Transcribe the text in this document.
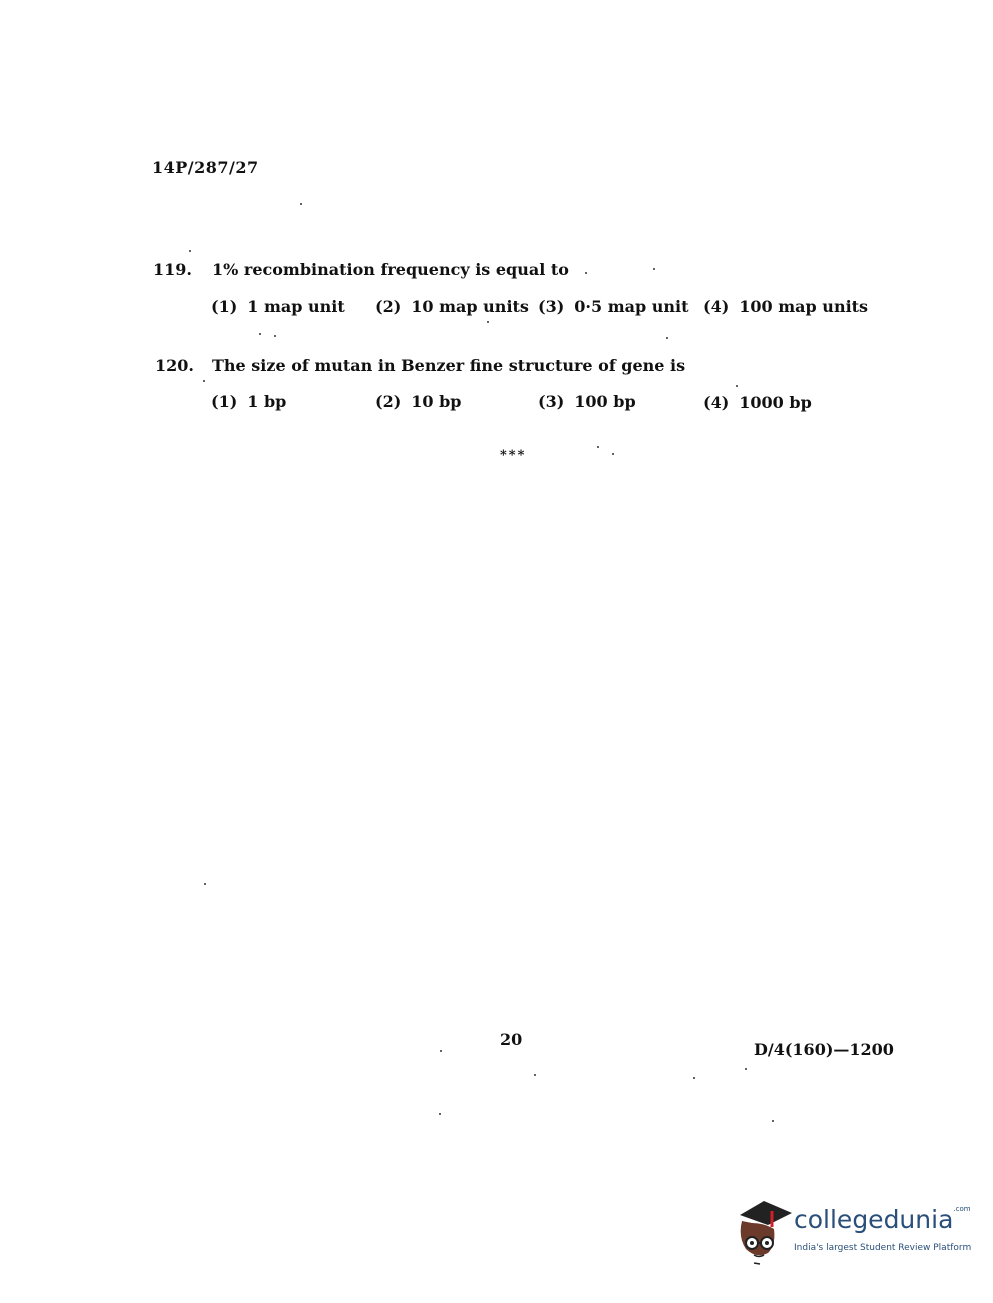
14P/287/27
119. 1% recombination frequency is equal to
(1) 1 map unit (2) 10 map units (3) 0·5 map unit (4) 100 map units
120. The size of mutan in Benzer fine structure of gene is
(1) 1 bp	(2) 10 bp	(3) 100 bp	(4) 1000 bp
***
20
D/4(160)—1200
collegedunia$^{.com}$
India's largest Student Review Platform
